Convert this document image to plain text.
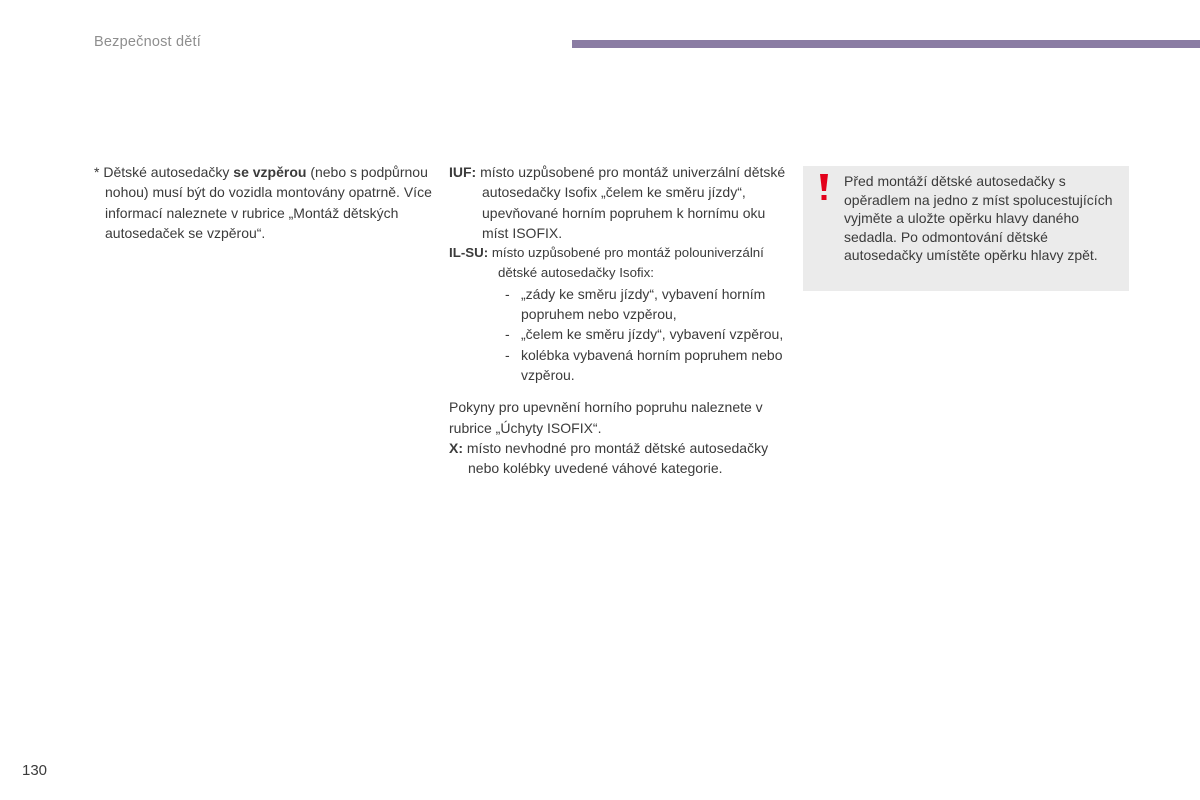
Bezpečnost dětí

* Dětské autosedačky se vzpěrou (nebo s podpůrnou nohou) musí být do vozidla montovány opatrně. Více informací naleznete v rubrice „Montáž dětských autosedaček se vzpěrou“.

IUF: místo uzpůsobené pro montáž univerzální dětské autosedačky Isofix „čelem ke směru jízdy“, upevňované horním popruhem k hornímu oku míst ISOFIX.

IL-SU: místo uzpůsobené pro montáž polouniverzální dětské autosedačky Isofix:

- „zády ke směru jízdy“, vybavení horním popruhem nebo vzpěrou,
- „čelem ke směru jízdy“, vybavení vzpěrou,
- kolébka vybavená horním popruhem nebo vzpěrou.

Pokyny pro upevnění horního popruhu naleznete v rubrice „Úchyty ISOFIX“.

X: místo nevhodné pro montáž dětské autosedačky nebo kolébky uvedené váhové kategorie.

Před montáží dětské autosedačky s opěradlem na jedno z míst spolucestujících vyjměte a uložte opěrku hlavy daného sedadla. Po odmontování dětské autosedačky umístěte opěrku hlavy zpět.
130
